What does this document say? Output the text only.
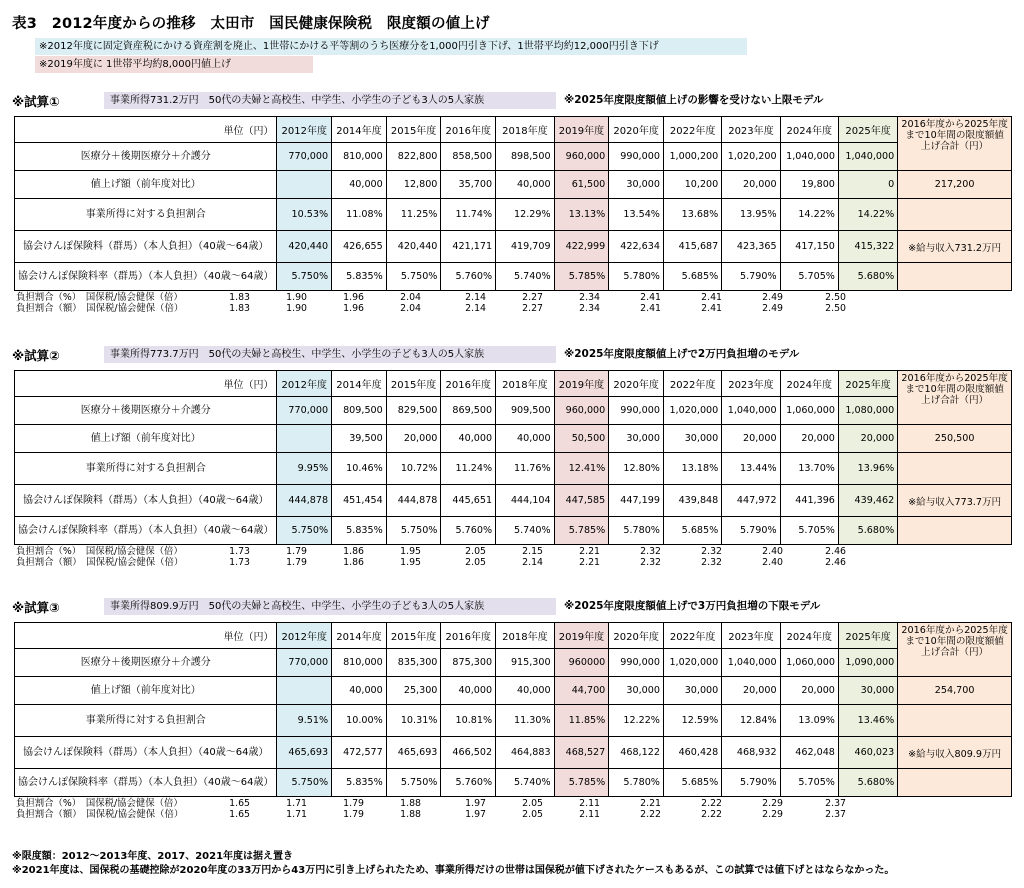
表3　2012年度からの推移　太田市　国民健康保険税　限度額の値上げ
※2012年度に固定資産税にかける資産割を廃止、1世帯にかける平等割のうち医療分を1,000円引き下げ、1世帯平均約12,000円引き下げ
※2019年度に 1世帯平均約8,000円値上げ
※試算①	事業所得731.2万円　50代の夫婦と高校生、中学生、小学生の子ども3人の5人家族	※2025年度限度額値上げの影響を受けない上限モデル
単位（円）	2012年度	2014年度	2015年度	2016年度	2018年度	2019年度	2020年度	2022年度	2023年度	2024年度	2025年度	2016年度から2025年度まで10年間の限度額値上げ合計（円）
医療分＋後期医療分＋介護分	770,000	810,000	822,800	858,500	898,500	960,000	990,000	1,000,200	1,020,200	1,040,000	1,040,000	
値上げ額（前年度対比）		40,000	12,800	35,700	40,000	61,500	30,000	10,200	20,000	19,800	0	217,200
事業所得に対する負担割合	10.53%	11.08%	11.25%	11.74%	12.29%	13.13%	13.54%	13.68%	13.95%	14.22%	14.22%	
協会けんぽ保険料（群馬）（本人負担）（40歳～64歳）	420,440	426,655	420,440	421,171	419,709	422,999	422,634	415,687	423,365	417,150	415,322	※給与収入731.2万円
協会けんぽ保険料率（群馬）（本人負担）（40歳～64歳）	5.750%	5.835%	5.750%	5.760%	5.740%	5.785%	5.780%	5.685%	5.790%	5.705%	5.680%	
負担割合（%）　国保税/協会健保（倍）	1.83	1.90	1.96	2.04	2.14	2.27	2.34	2.41	2.41	2.49	2.50
負担割合（額）　国保税/協会健保（倍）	1.83	1.90	1.96	2.04	2.14	2.27	2.34	2.41	2.41	2.49	2.50
※試算②	事業所得773.7万円　50代の夫婦と高校生、中学生、小学生の子ども3人の5人家族	※2025年度限度額値上げで2万円負担増のモデル
単位（円）	2012年度	2014年度	2015年度	2016年度	2018年度	2019年度	2020年度	2022年度	2023年度	2024年度	2025年度	2016年度から2025年度まで10年間の限度額値上げ合計（円）
医療分＋後期医療分＋介護分	770,000	809,500	829,500	869,500	909,500	960,000	990,000	1,020,000	1,040,000	1,060,000	1,080,000	
値上げ額（前年度対比）		39,500	20,000	40,000	40,000	50,500	30,000	30,000	20,000	20,000	20,000	250,500
事業所得に対する負担割合	9.95%	10.46%	10.72%	11.24%	11.76%	12.41%	12.80%	13.18%	13.44%	13.70%	13.96%	
協会けんぽ保険料（群馬）（本人負担）（40歳～64歳）	444,878	451,454	444,878	445,651	444,104	447,585	447,199	439,848	447,972	441,396	439,462	※給与収入773.7万円
協会けんぽ保険料率（群馬）（本人負担）（40歳～64歳）	5.750%	5.835%	5.750%	5.760%	5.740%	5.785%	5.780%	5.685%	5.790%	5.705%	5.680%	
負担割合（%）　国保税/協会健保（倍）	1.73	1.79	1.86	1.95	2.05	2.15	2.21	2.32	2.32	2.40	2.46
負担割合（額）　国保税/協会健保（倍）	1.73	1.79	1.86	1.95	2.05	2.14	2.21	2.32	2.32	2.40	2.46
※試算③	事業所得809.9万円　50代の夫婦と高校生、中学生、小学生の子ども3人の5人家族	※2025年度限度額値上げで3万円負担増の下限モデル
単位（円）	2012年度	2014年度	2015年度	2016年度	2018年度	2019年度	2020年度	2022年度	2023年度	2024年度	2025年度	2016年度から2025年度まで10年間の限度額値上げ合計（円）
医療分＋後期医療分＋介護分	770,000	810,000	835,300	875,300	915,300	960000	990,000	1,020,000	1,040,000	1,060,000	1,090,000	
値上げ額（前年度対比）		40,000	25,300	40,000	40,000	44,700	30,000	30,000	20,000	20,000	30,000	254,700
事業所得に対する負担割合	9.51%	10.00%	10.31%	10.81%	11.30%	11.85%	12.22%	12.59%	12.84%	13.09%	13.46%	
協会けんぽ保険料（群馬）（本人負担）（40歳～64歳）	465,693	472,577	465,693	466,502	464,883	468,527	468,122	460,428	468,932	462,048	460,023	※給与収入809.9万円
協会けんぽ保険料率（群馬）（本人負担）（40歳～64歳）	5.750%	5.835%	5.750%	5.760%	5.740%	5.785%	5.780%	5.685%	5.790%	5.705%	5.680%	
負担割合（%）　国保税/協会健保（倍）	1.65	1.71	1.79	1.88	1.97	2.05	2.11	2.21	2.22	2.29	2.37
負担割合（額）　国保税/協会健保（倍）	1.65	1.71	1.79	1.88	1.97	2.05	2.11	2.22	2.22	2.29	2.37
※限度額：2012～2013年度、2017、2021年度は据え置き
※2021年度は、国保税の基礎控除が2020年度の33万円から43万円に引き上げられたため、事業所得だけの世帯は国保税が値下げされたケースもあるが、この試算では値下げとはならなかった。
